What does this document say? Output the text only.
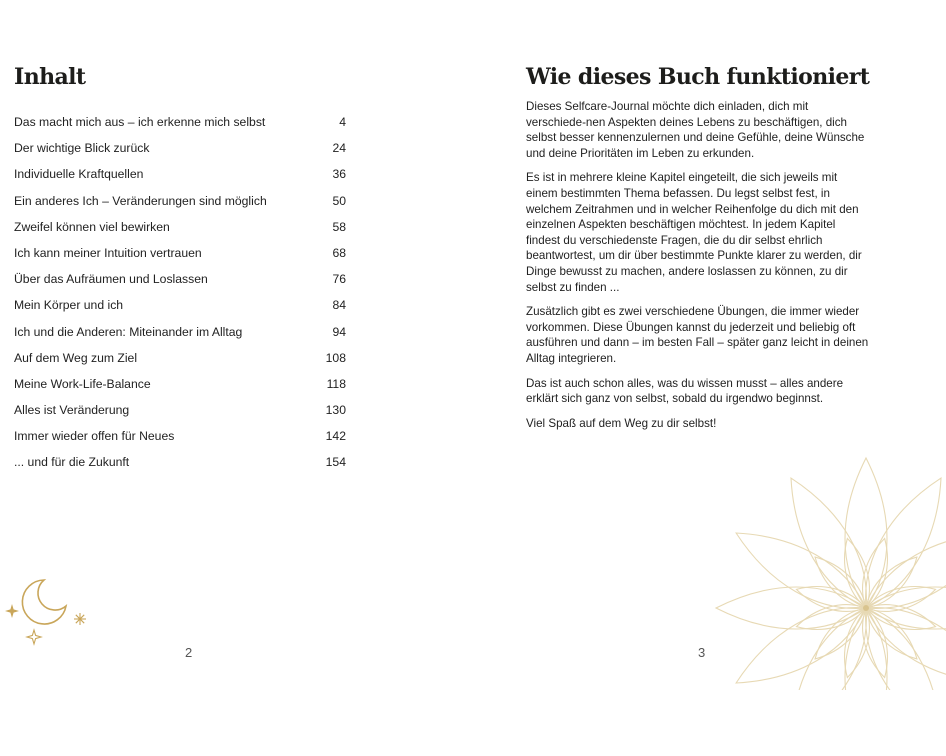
Inhalt
Das macht mich aus – ich erkenne mich selbst	4
Der wichtige Blick zurück	24
Individuelle Kraftquellen	36
Ein anderes Ich – Veränderungen sind möglich	50
Zweifel können viel bewirken	58
Ich kann meiner Intuition vertrauen	68
Über das Aufräumen und Loslassen	76
Mein Körper und ich	84
Ich und die Anderen: Miteinander im Alltag	94
Auf dem Weg zum Ziel	108
Meine Work-Life-Balance	118
Alles ist Veränderung	130
Immer wieder offen für Neues	142
... und für die Zukunft	154
2
Wie dieses Buch funktioniert

Dieses Selfcare-Journal möchte dich einladen, dich mit verschiede-nen Aspekten deines Lebens zu beschäftigen, dich selbst besser kennenzulernen und deine Gefühle, deine Wünsche und deine Prioritäten im Leben zu erkunden.

Es ist in mehrere kleine Kapitel eingeteilt, die sich jeweils mit einem bestimmten Thema befassen. Du legst selbst fest, in welchem Zeitrahmen und in welcher Reihenfolge du dich mit den einzelnen Aspekten beschäftigen möchtest. In jedem Kapitel findest du verschiedenste Fragen, die du dir selbst ehrlich beantwortest, um dir über bestimmte Punkte klarer zu werden, dir Dinge bewusst zu machen, andere loslassen zu können, zu dir selbst zu finden ...

Zusätzlich gibt es zwei verschiedene Übungen, die immer wieder vorkommen. Diese Übungen kannst du jederzeit und beliebig oft ausführen und dann – im besten Fall – später ganz leicht in deinen Alltag integrieren.

Das ist auch schon alles, was du wissen musst – alles andere erklärt sich ganz von selbst, sobald du irgendwo beginnst.

Viel Spaß auf dem Weg zu dir selbst!

3
